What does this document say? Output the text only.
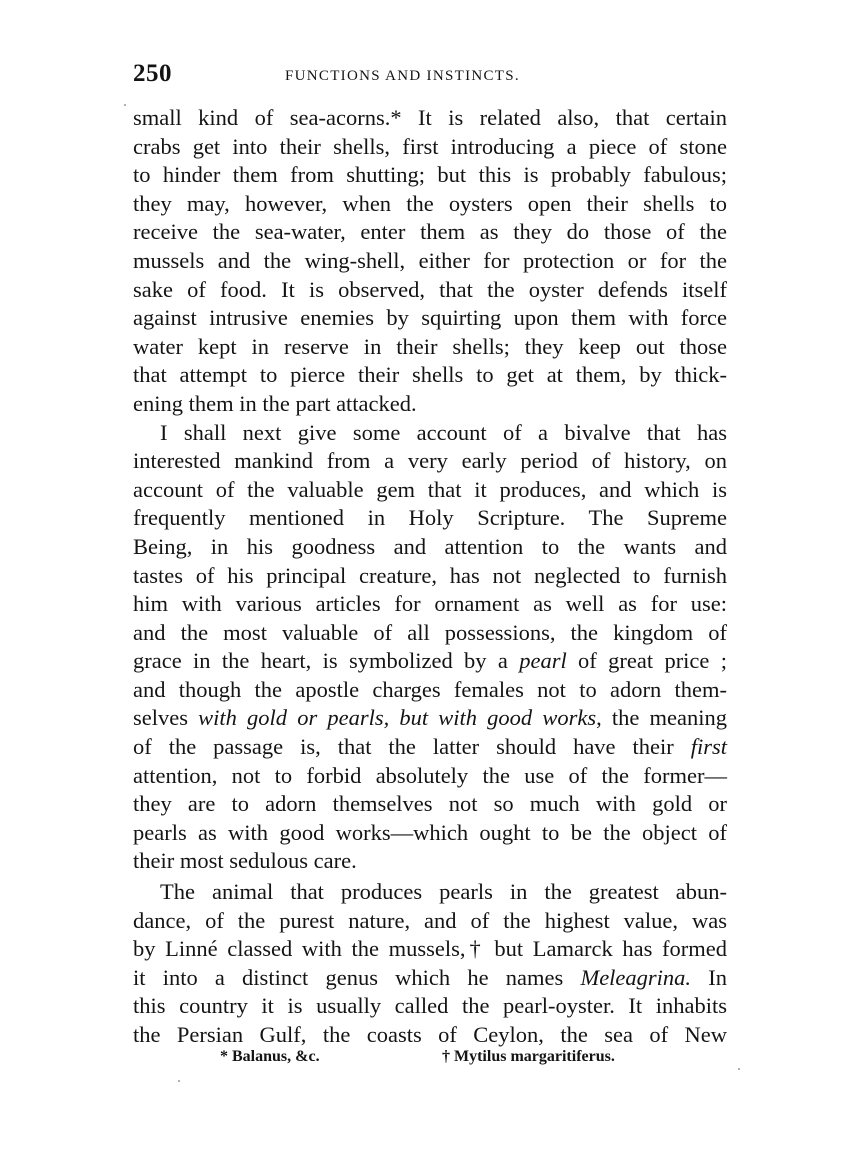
250	FUNCTIONS AND INSTINCTS.
small kind of sea-acorns.* It is related also, that certain
crabs get into their shells, first introducing a piece of stone
to hinder them from shutting; but this is probably fabulous;
they may, however, when the oysters open their shells to
receive the sea-water, enter them as they do those of the
mussels and the wing-shell, either for protection or for the
sake of food. It is observed, that the oyster defends itself
against intrusive enemies by squirting upon them with force
water kept in reserve in their shells; they keep out those
that attempt to pierce their shells to get at them, by thick-
ening them in the part attacked.
I shall next give some account of a bivalve that has
interested mankind from a very early period of history, on
account of the valuable gem that it produces, and which is
frequently mentioned in Holy Scripture. The Supreme
Being, in his goodness and attention to the wants and
tastes of his principal creature, has not neglected to furnish
him with various articles for ornament as well as for use:
and the most valuable of all possessions, the kingdom of
grace in the heart, is symbolized by a pearl of great price ;
and though the apostle charges females not to adorn them-
selves with gold or pearls, but with good works, the meaning
of the passage is, that the latter should have their first
attention, not to forbid absolutely the use of the former—
they are to adorn themselves not so much with gold or
pearls as with good works—which ought to be the object of
their most sedulous care.
The animal that produces pearls in the greatest abun-
dance, of the purest nature, and of the highest value, was
by Linné classed with the mussels,† but Lamarck has formed
it into a distinct genus which he names Meleagrina. In
this country it is usually called the pearl-oyster. It inhabits
the Persian Gulf, the coasts of Ceylon, the sea of New
* Balanus, &c.	† Mytilus margaritiferus.
